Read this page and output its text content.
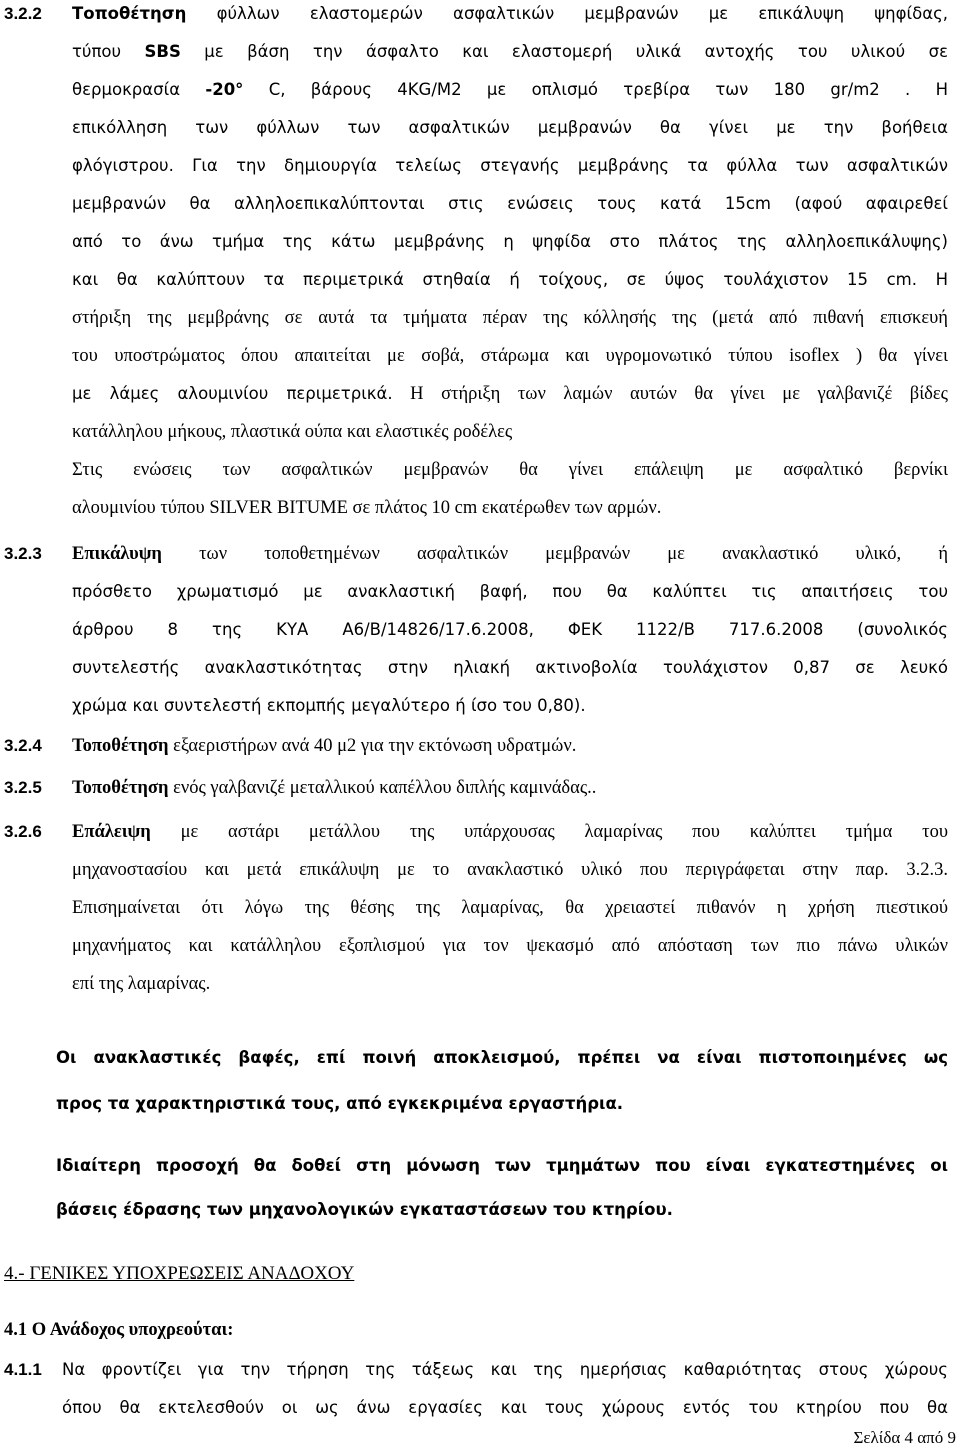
3.2.2 Τοποθέτηση φύλλων ελαστομερών ασφαλτικών μεμβρανών με επικάλυψη ψηφίδας,
τύπου SBS με βάση την άσφαλτο και ελαστομερή υλικά αντοχής του υλικού σε
θερμοκρασία -20° C, βάρους 4KG/M2 με οπλισμό τρεβίρα των 180 gr/m2 . Η
επικόλληση των φύλλων των ασφαλτικών μεμβρανών θα γίνει με την βοήθεια
φλόγιστρου. Για την δημιουργία τελείως στεγανής μεμβράνης τα φύλλα των ασφαλτικών
μεμβρανών θα αλληλοεπικαλύπτονται στις ενώσεις τους κατά 15cm (αφού αφαιρεθεί
από το άνω τμήμα της κάτω μεμβράνης η ψηφίδα στο πλάτος της αλληλοεπικάλυψης)
και θα καλύπτουν τα περιμετρικά στηθαία ή τοίχους, σε ύψος τουλάχιστον 15 cm. Η
στήριξη της μεμβράνης σε αυτά τα τμήματα πέραν της κόλλησής της (μετά από πιθανή επισκευή
του υποστρώματος όπου απαιτείται με σοβά, στάρωμα και υγρομονωτικό τύπου isoflex ) θα γίνει
με λάμες αλουμινίου περιμετρικά. Η στήριξη των λαμών αυτών θα γίνει με γαλβανιζέ βίδες
κατάλληλου μήκους, πλαστικά ούπα και ελαστικές ροδέλες
Στις ενώσεις των ασφαλτικών μεμβρανών θα γίνει επάλειψη με ασφαλτικό βερνίκι
αλουμινίου τύπου SILVER BITUME σε πλάτος 10 cm εκατέρωθεν των αρμών.
3.2.3 Επικάλυψη των τοποθετημένων ασφαλτικών μεμβρανών με ανακλαστικό υλικό, ή
πρόσθετο χρωματισμό με ανακλαστική βαφή, που θα καλύπτει τις απαιτήσεις του
άρθρου 8 της ΚΥΑ Α6/Β/14826/17.6.2008, ΦΕΚ 1122/Β 717.6.2008 (συνολικός
συντελεστής ανακλαστικότητας στην ηλιακή ακτινοβολία τουλάχιστον 0,87 σε λευκό
χρώμα και συντελεστή εκπομπής μεγαλύτερο ή ίσο του 0,80).
3.2.4 Τοποθέτηση εξαεριστήρων ανά 40 μ2 για την εκτόνωση υδρατμών.
3.2.5 Τοποθέτηση ενός γαλβανιζέ μεταλλικού καπέλλου διπλής καμινάδας..
3.2.6 Επάλειψη με αστάρι μετάλλου της υπάρχουσας λαμαρίνας που καλύπτει τμήμα του
μηχανοστασίου και μετά επικάλυψη με το ανακλαστικό υλικό που περιγράφεται στην παρ. 3.2.3.
Επισημαίνεται ότι λόγω της θέσης της λαμαρίνας, θα χρειαστεί πιθανόν η χρήση πιεστικού
μηχανήματος και κατάλληλου εξοπλισμού για τον ψεκασμό από απόσταση των πιο πάνω υλικών
επί της λαμαρίνας.
Οι ανακλαστικές βαφές, επί ποινή αποκλεισμού, πρέπει να είναι πιστοποιημένες ως
προς τα χαρακτηριστικά τους, από εγκεκριμένα εργαστήρια.
Ιδιαίτερη προσοχή θα δοθεί στη μόνωση των τμημάτων που είναι εγκατεστημένες οι
βάσεις έδρασης των μηχανολογικών εγκαταστάσεων του κτηρίου.
4.- ΓΕΝΙΚΕΣ ΥΠΟΧΡΕΩΣΕΙΣ ΑΝΑΔΟΧΟΥ
4.1 Ο Ανάδοχος υποχρεούται:
4.1.1 Να φροντίζει για την τήρηση της τάξεως και της ημερήσιας καθαριότητας στους χώρους
όπου θα εκτελεσθούν οι ως άνω εργασίες και τους χώρους εντός του κτηρίου που θα
Σελίδα 4 από 9
